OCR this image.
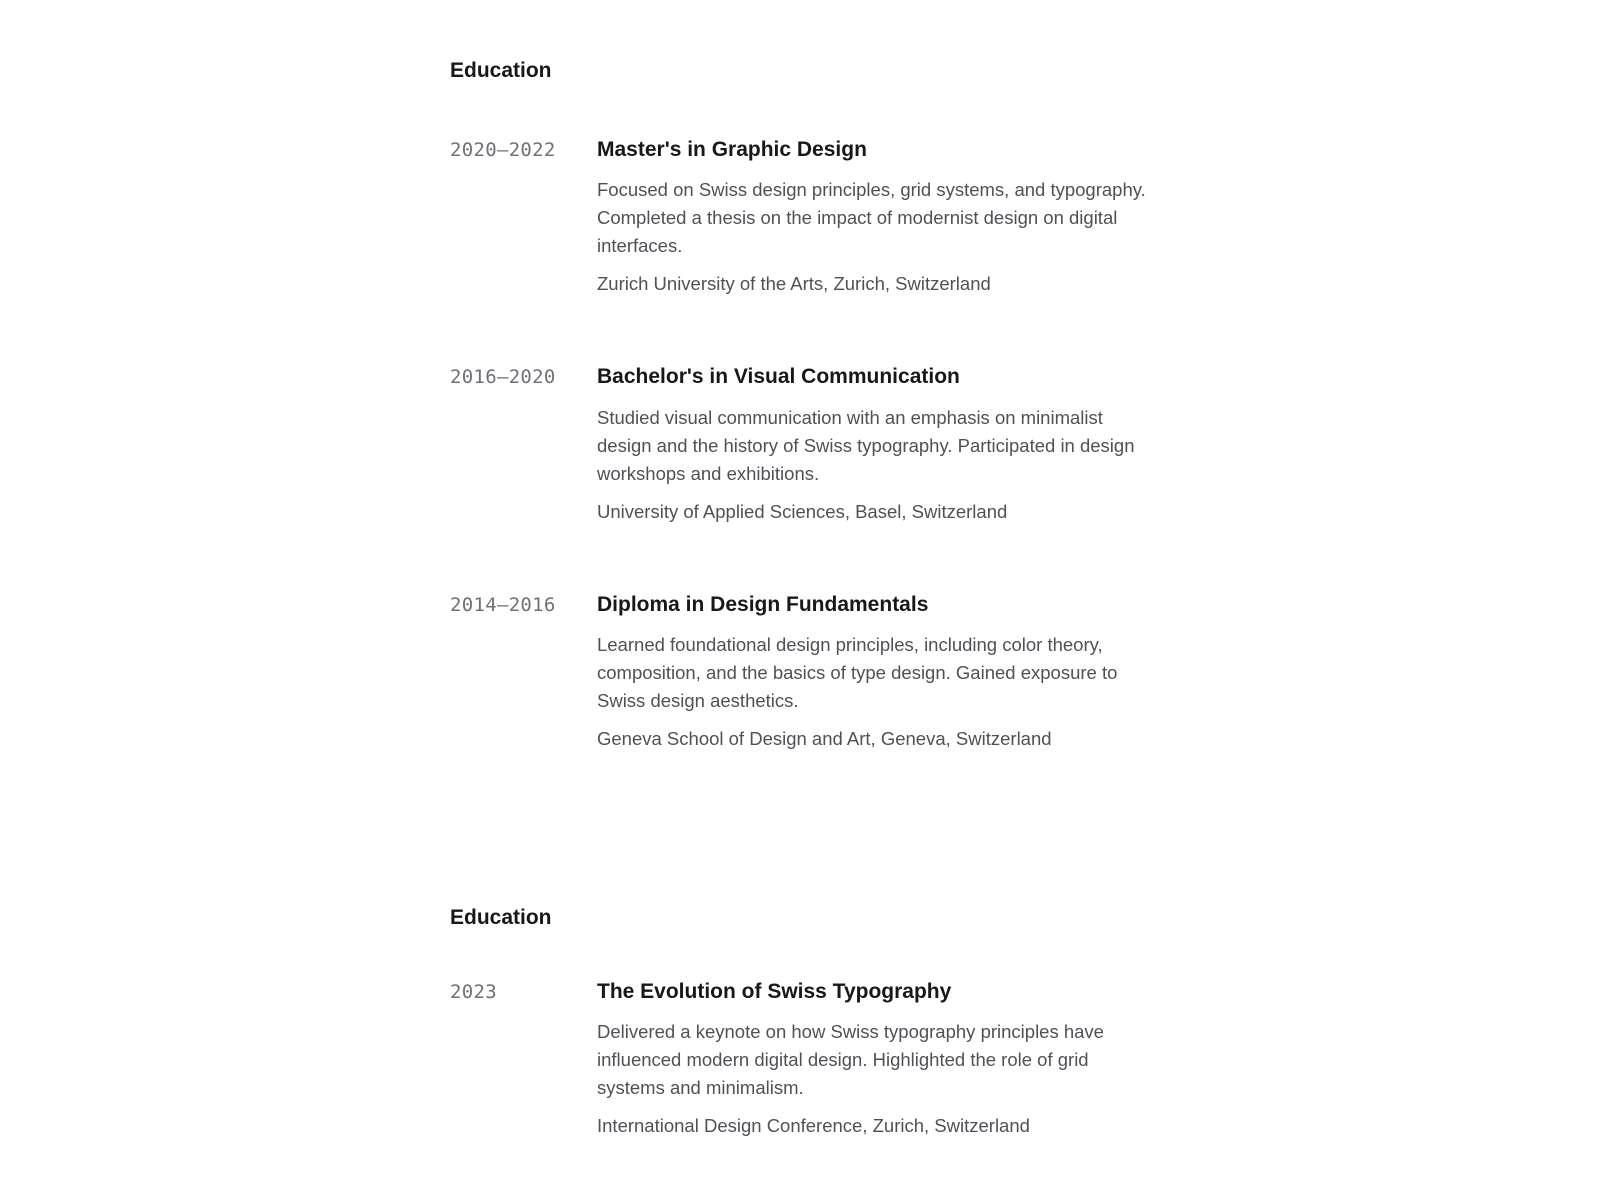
Education
2020–2022	Master's in Graphic Design

Focused on Swiss design principles, grid systems, and typography. Completed a thesis on the impact of modernist design on digital interfaces.

Zurich University of the Arts, Zurich, Switzerland

2016–2020	Bachelor's in Visual Communication

Studied visual communication with an emphasis on minimalist design and the history of Swiss typography. Participated in design workshops and exhibitions.

University of Applied Sciences, Basel, Switzerland

2014–2016	Diploma in Design Fundamentals

Learned foundational design principles, including color theory, composition, and the basics of type design. Gained exposure to Swiss design aesthetics.

Geneva School of Design and Art, Geneva, Switzerland

Education
2023	The Evolution of Swiss Typography

Delivered a keynote on how Swiss typography principles have influenced modern digital design. Highlighted the role of grid systems and minimalism.

International Design Conference, Zurich, Switzerland
